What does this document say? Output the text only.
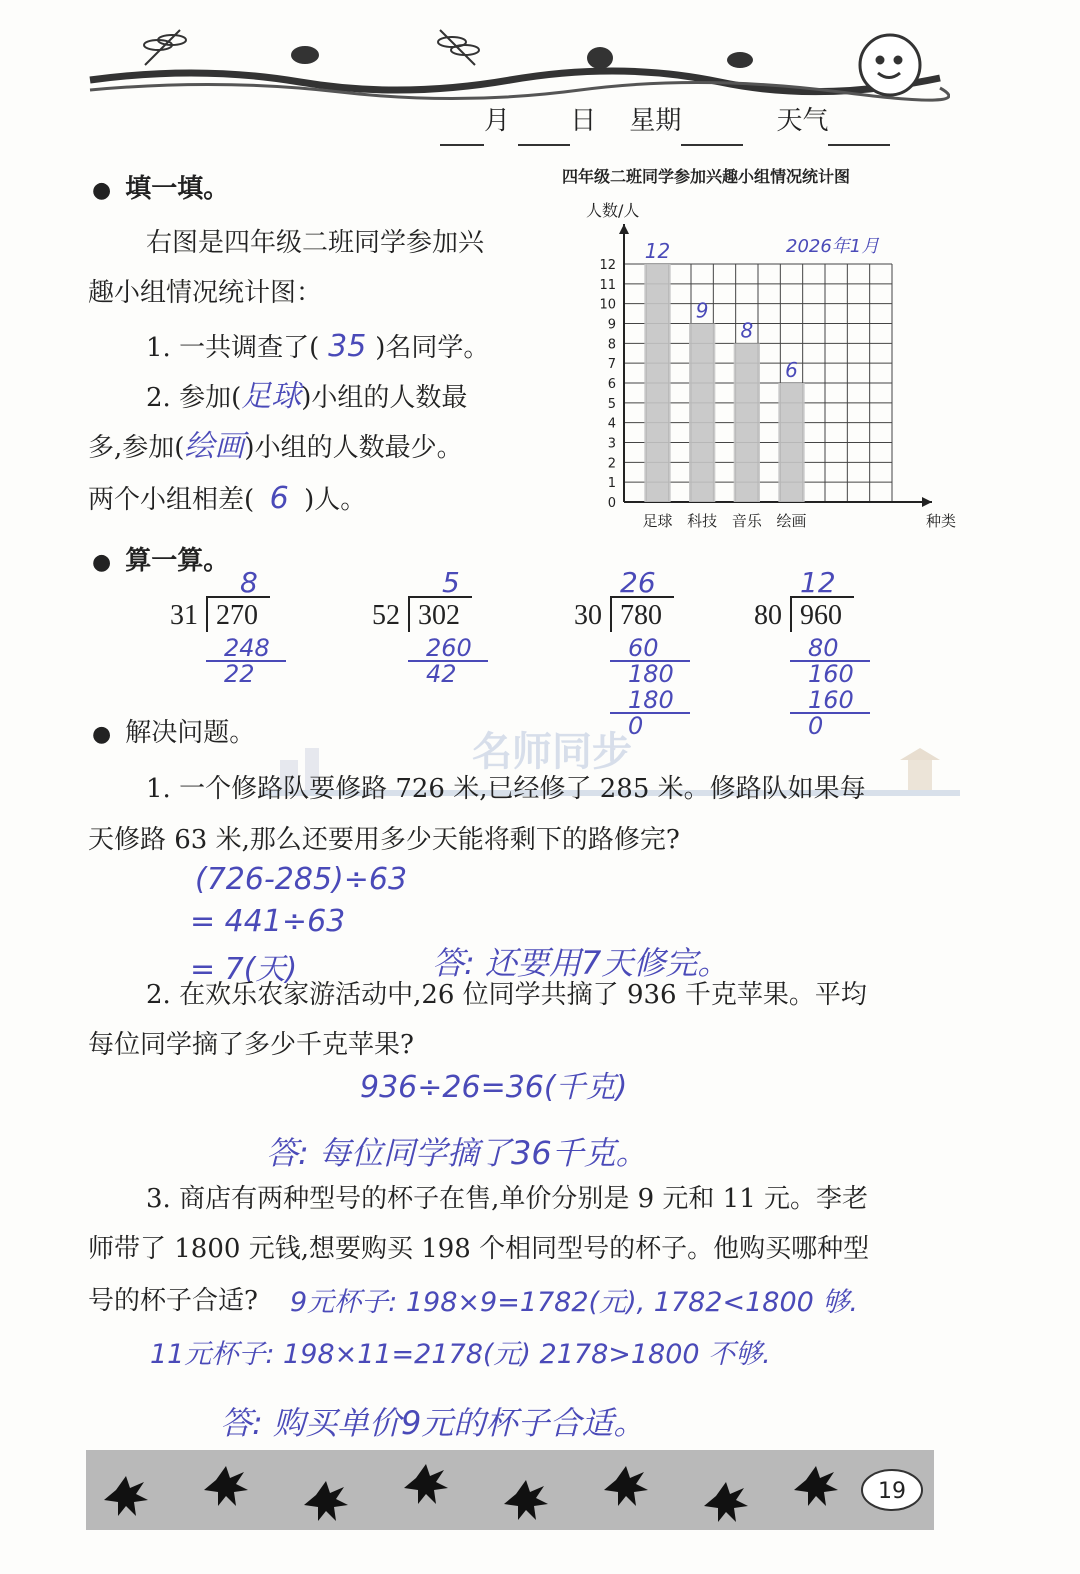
月 日 星期	天气
● 填一填。
右图是四年级二班同学参加兴
趣小组情况统计图：
1. 一共调查了( 35 )名同学。
2. 参加(足球)小组的人数最
多,参加(绘画)小组的人数最少。
两个小组相差( 6 )人。
四年级二班同学参加兴趣小组情况统计图
人数/人
2026年1月
0
1
2
3
4
5
6
7
8
9
10
11
12
种类
12
足球
9
科技
8
音乐
6
绘画
● 算一算。
8
31 270
248
22
5
52 302
260
42
26
30 780
60
180
180
0
12
80 960
80
160
160
0
● 解决问题。	名师同步
1. 一个修路队要修路 726 米,已经修了 285 米。修路队如果每
天修路 63 米,那么还要用多少天能将剩下的路修完?
(726-285)÷63
= 441÷63
= 7(天)	答: 还要用7天修完。
2. 在欢乐农家游活动中,26 位同学共摘了 936 千克苹果。平均
每位同学摘了多少千克苹果?
936÷26=36(千克)
答: 每位同学摘了36千克。
3. 商店有两种型号的杯子在售,单价分别是 9 元和 11 元。李老
师带了 1800 元钱,想要购买 198 个相同型号的杯子。他购买哪种型
号的杯子合适? 9元杯子: 198×9=1782(元), 1782<1800 够.
11元杯子: 198×11=2178(元) 2178>1800 不够.
答: 购买单价9元的杯子合适。
19
